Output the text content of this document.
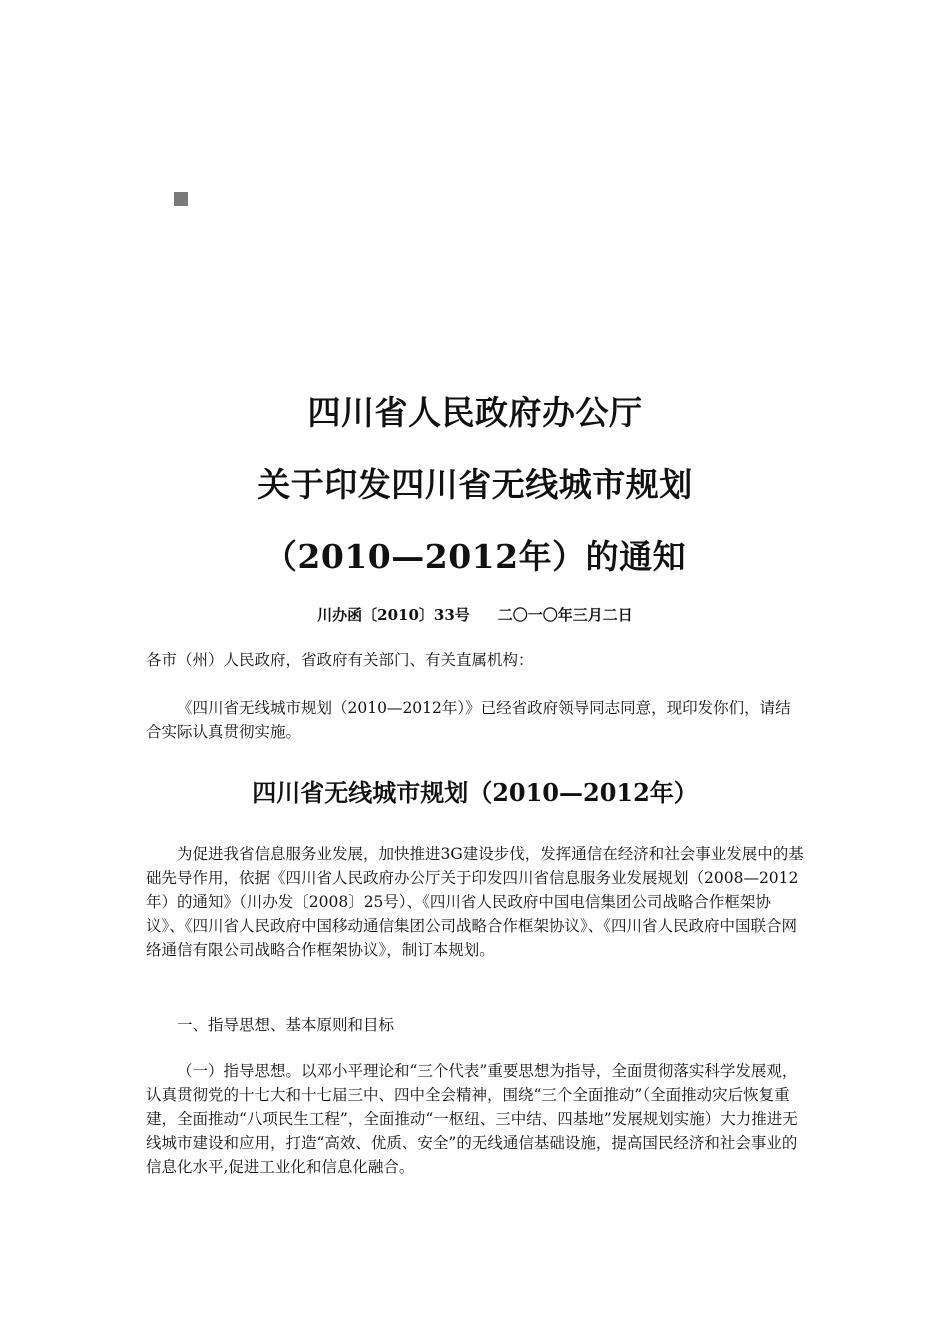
四川省人民政府办公厅
关于印发四川省无线城市规划
（2010—2012年）的通知
川办函〔2010〕33号 二〇一〇年三月二日
各市（州）人民政府，省政府有关部门、有关直属机构：
《四川省无线城市规划（2010—2012年）》已经省政府领导同志同意，现印发你们，请结合实际认真贯彻实施。
四川省无线城市规划（2010—2012年）
为促进我省信息服务业发展，加快推进3G建设步伐，发挥通信在经济和社会事业发展中的基础先导作用，依据《四川省人民政府办公厅关于印发四川省信息服务业发展规划（2008—2012年）的通知》（川办发〔2008〕25号）、《四川省人民政府中国电信集团公司战略合作框架协议》、《四川省人民政府中国移动通信集团公司战略合作框架协议》、《四川省人民政府中国联合网络通信有限公司战略合作框架协议》，制订本规划。
一、指导思想、基本原则和目标
（一）指导思想。以邓小平理论和“三个代表”重要思想为指导，全面贯彻落实科学发展观，认真贯彻党的十七大和十七届三中、四中全会精神，围绕“三个全面推动”（全面推动灾后恢复重建，全面推动“八项民生工程”，全面推动“一枢纽、三中结、四基地”发展规划实施）大力推进无线城市建设和应用，打造“高效、优质、安全”的无线通信基础设施，提高国民经济和社会事业的信息化水平,促进工业化和信息化融合。
